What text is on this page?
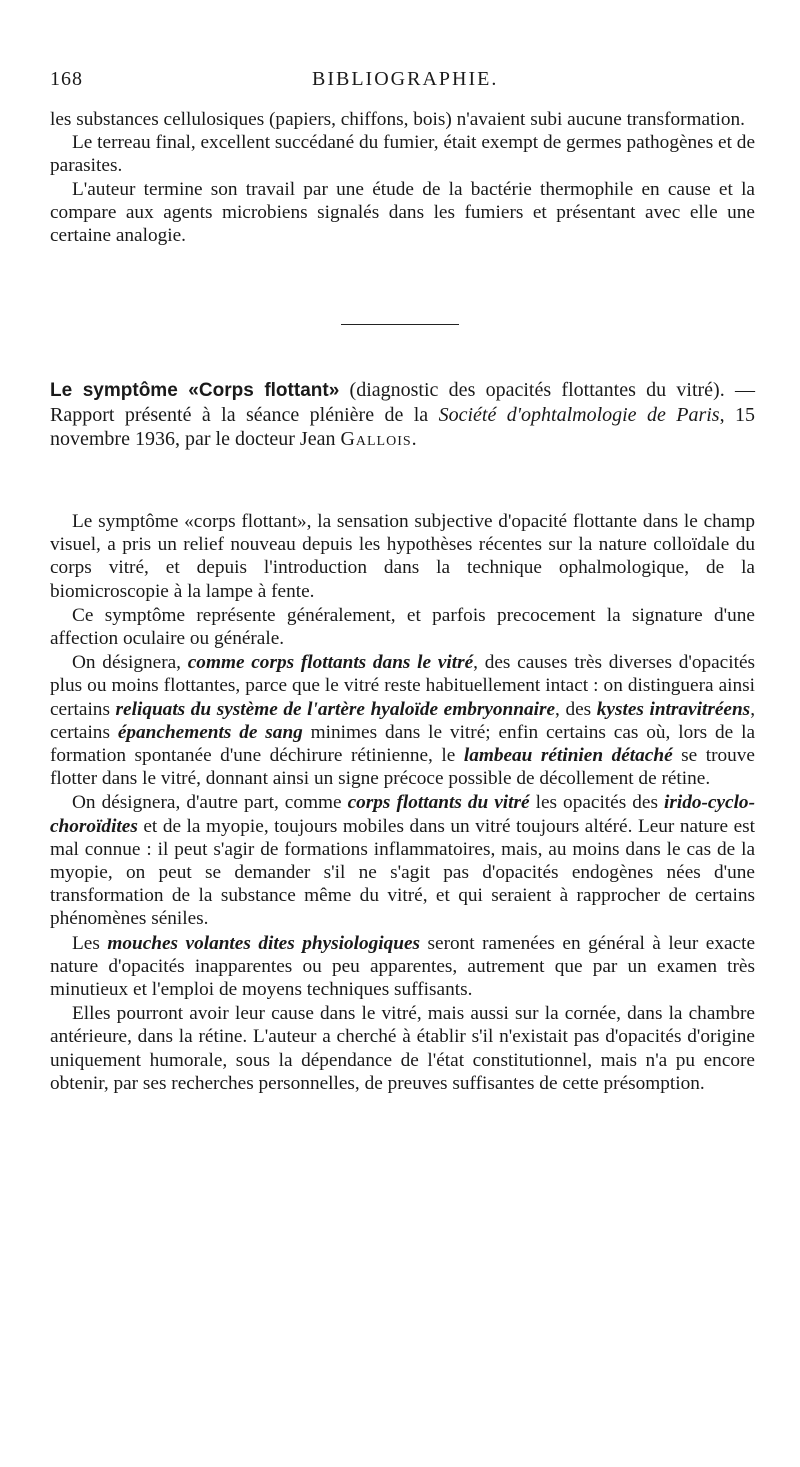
168	BIBLIOGRAPHIE.

les substances cellulosiques (papiers, chiffons, bois) n'avaient subi aucune transformation.

Le terreau final, excellent succédané du fumier, était exempt de germes pathogènes et de parasites.

L'auteur termine son travail par une étude de la bactérie thermophile en cause et la compare aux agents microbiens signalés dans les fumiers et présentant avec elle une certaine analogie.

Le symptôme «Corps flottant» (diagnostic des opacités flottantes du vitré). — Rapport présenté à la séance plénière de la Société d'ophtalmologie de Paris, 15 novembre 1936, par le docteur Jean Gallois.

Le symptôme «corps flottant», la sensation subjective d'opacité flottante dans le champ visuel, a pris un relief nouveau depuis les hypothèses récentes sur la nature colloïdale du corps vitré, et depuis l'introduction dans la technique ophalmologique, de la biomicroscopie à la lampe à fente.

Ce symptôme représente généralement, et parfois precocement la signature d'une affection oculaire ou générale.

On désignera, comme corps flottants dans le vitré, des causes très diverses d'opacités plus ou moins flottantes, parce que le vitré reste habituellement intact : on distinguera ainsi certains reliquats du système de l'artère hyaloïde embryonnaire, des kystes intravitréens, certains épanchements de sang minimes dans le vitré; enfin certains cas où, lors de la formation spontanée d'une déchirure rétinienne, le lambeau rétinien détaché se trouve flotter dans le vitré, donnant ainsi un signe précoce possible de décollement de rétine.

On désignera, d'autre part, comme corps flottants du vitré les opacités des irido-cyclo-choroïdites et de la myopie, toujours mobiles dans un vitré toujours altéré. Leur nature est mal connue : il peut s'agir de formations inflammatoires, mais, au moins dans le cas de la myopie, on peut se demander s'il ne s'agit pas d'opacités endogènes nées d'une transformation de la substance même du vitré, et qui seraient à rapprocher de certains phénomènes séniles.

Les mouches volantes dites physiologiques seront ramenées en général à leur exacte nature d'opacités inapparentes ou peu apparentes, autrement que par un examen très minutieux et l'emploi de moyens techniques suffisants.

Elles pourront avoir leur cause dans le vitré, mais aussi sur la cornée, dans la chambre antérieure, dans la rétine. L'auteur a cherché à établir s'il n'existait pas d'opacités d'origine uniquement humorale, sous la dépendance de l'état constitutionnel, mais n'a pu encore obtenir, par ses recherches personnelles, de preuves suffisantes de cette présomption.
